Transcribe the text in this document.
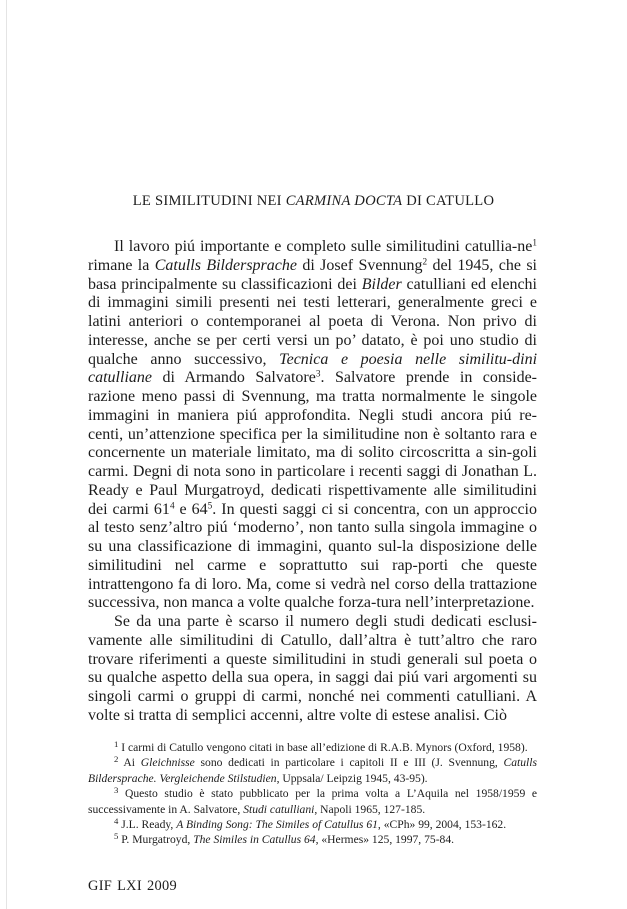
LE SIMILITUDINI NEI CARMINA DOCTA DI CATULLO

Il lavoro piú importante e completo sulle similitudini catullia-$ne^1$ rimane la Catulls Bildersprache di Josef Svennung$^2$ del 1945, che si basa principalmente su classificazioni dei Bilder catulliani ed elenchi di immagini simili presenti nei testi letterari, generalmente greci e latini anteriori o contemporanei al poeta di Verona. Non privo di interesse, anche se per certi versi un po’ datato, è poi uno studio di qualche anno successivo, Tecnica e poesia nelle similitu-dini catulliane di Armando Salvatore$^3$. Salvatore prende in conside-razione meno passi di Svennung, ma tratta normalmente le singole immagini in maniera piú approfondita. Negli studi ancora piú re-centi, un’attenzione specifica per la similitudine non è soltanto rara e concernente un materiale limitato, ma di solito circoscritta a sin-goli carmi. Degni di nota sono in particolare i recenti saggi di Jonathan L. Ready e Paul Murgatroyd, dedicati rispettivamente alle similitudini dei carmi $61^4$ e $64^5$. In questi saggi ci si concentra, con un approccio al testo senz’altro piú ‘moderno’, non tanto sulla singola immagine o su una classificazione di immagini, quanto sul-la disposizione delle similitudini nel carme e soprattutto sui rap-porti che queste intrattengono fa di loro. Ma, come si vedrà nel corso della trattazione successiva, non manca a volte qualche forza-tura nell’interpretazione.

Se da una parte è scarso il numero degli studi dedicati esclusi-vamente alle similitudini di Catullo, dall’altra è tutt’altro che raro trovare riferimenti a queste similitudini in studi generali sul poeta o su qualche aspetto della sua opera, in saggi dai piú vari argomenti su singoli carmi o gruppi di carmi, nonché nei commenti catulliani. A volte si tratta di semplici accenni, altre volte di estese analisi. Ciò

$^1$ I carmi di Catullo vengono citati in base all’edizione di R.A.B. Mynors (Oxford, 1958).

$^2$ Ai Gleichnisse sono dedicati in particolare i capitoli II e III (J. Svennung, Catulls Bildersprache. Vergleichende Stilstudien, Uppsala/ Leipzig 1945, 43-95).

$^3$ Questo studio è stato pubblicato per la prima volta a L’Aquila nel 1958/1959 e successivamente in A. Salvatore, Studi catulliani, Napoli 1965, 127-185.

$^4$ J.L. Ready, A Binding Song: The Similes of Catullus 61, «CPh» 99, 2004, 153-162.

$^5$ P. Murgatroyd, The Similes in Catullus 64, «Hermes» 125, 1997, 75-84.

GIF LXI 2009
